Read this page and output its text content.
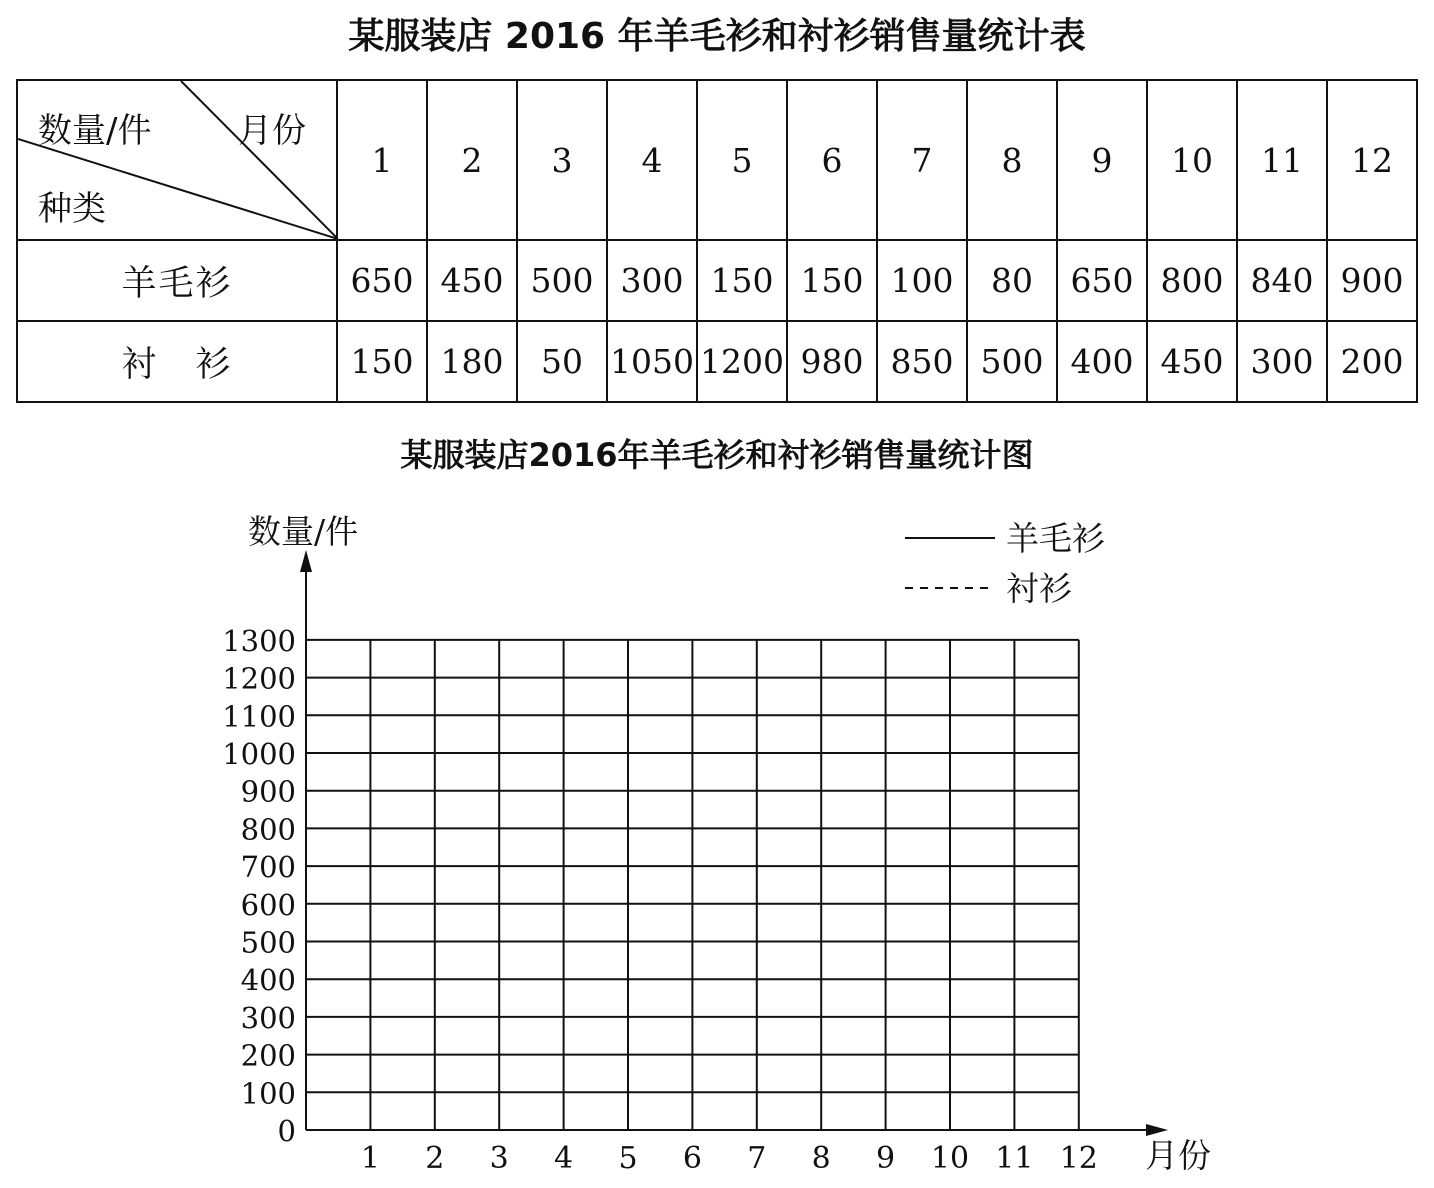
某服装店 2016 年羊毛衫和衬衫销售量统计表
数量/件 月份
种类	1	2	3	4	5	6	7	8	9	10	11	12
羊毛衫	650	450	500	300	150	150	100	80	650	800	840	900
衬　衫	150	180	50	1050	1200	980	850	500	400	450	300	200
某服装店2016年羊毛衫和衬衫销售量统计图
0
100
200
300
400
500
600
700
800
900
1000
1100
1200
1300
1 2 3 4 5 6 7 8 9 10 11 12
数量/件
月份
羊毛衫
衬衫
